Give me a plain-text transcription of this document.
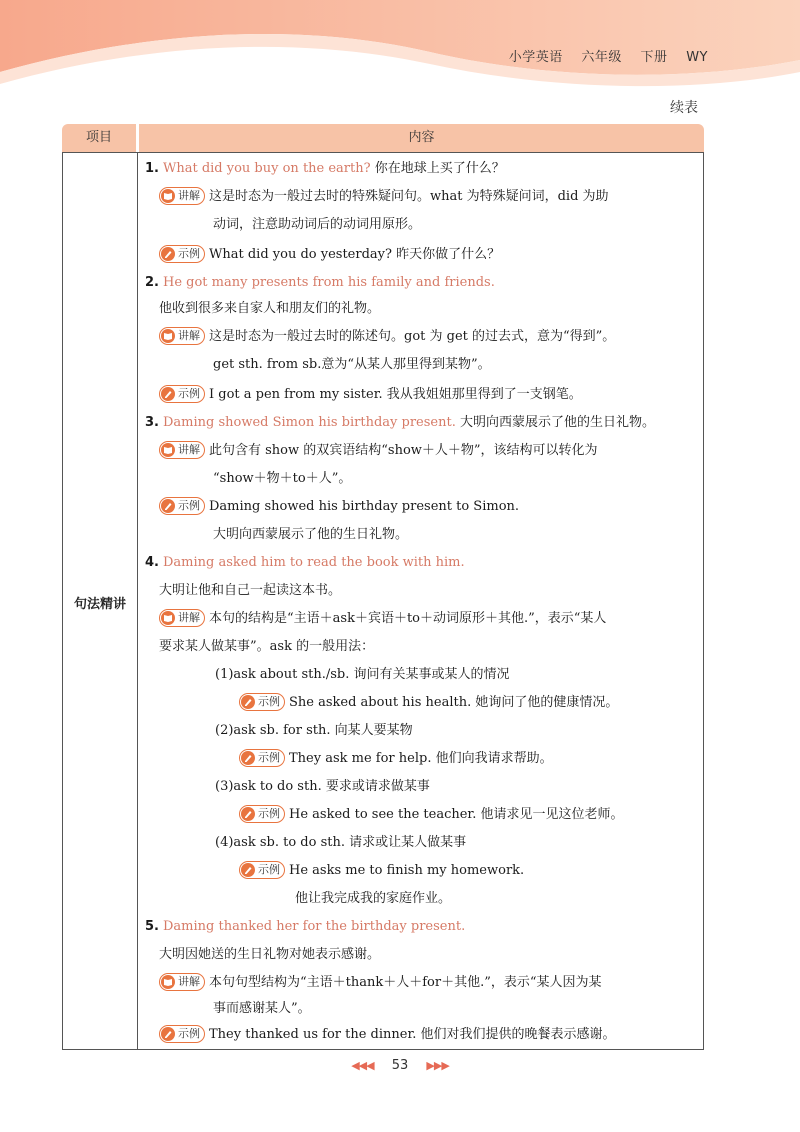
小学英语 六年级 下册 WY
续表
项目	内容
句法精讲
1. What did you buy on the earth? 你在地球上买了什么？
讲解 这是时态为一般过去时的特殊疑问句。what 为特殊疑问词，did 为助
动词，注意助动词后的动词用原形。
示例 What did you do yesterday? 昨天你做了什么？
2. He got many presents from his family and friends.
他收到很多来自家人和朋友们的礼物。
讲解 这是时态为一般过去时的陈述句。got 为 get 的过去式，意为“得到”。
get sth. from sb.意为“从某人那里得到某物”。
示例 I got a pen from my sister. 我从我姐姐那里得到了一支钢笔。
3. Daming showed Simon his birthday present. 大明向西蒙展示了他的生日礼物。
讲解 此句含有 show 的双宾语结构“show＋人＋物”，该结构可以转化为
“show＋物＋to＋人”。
示例 Daming showed his birthday present to Simon.
大明向西蒙展示了他的生日礼物。
4. Daming asked him to read the book with him.
大明让他和自己一起读这本书。
讲解 本句的结构是“主语＋ask＋宾语＋to＋动词原形＋其他.”，表示“某人
要求某人做某事”。ask 的一般用法：
(1)ask about sth./sb. 询问有关某事或某人的情况
示例 She asked about his health. 她询问了他的健康情况。
(2)ask sb. for sth. 向某人要某物
示例 They ask me for help. 他们向我请求帮助。
(3)ask to do sth. 要求或请求做某事
示例 He asked to see the teacher. 他请求见一见这位老师。
(4)ask sb. to do sth. 请求或让某人做某事
示例 He asks me to finish my homework.
他让我完成我的家庭作业。
5. Daming thanked her for the birthday present.
大明因她送的生日礼物对她表示感谢。
讲解 本句句型结构为“主语＋thank＋人＋for＋其他.”，表示“某人因为某
事而感谢某人”。
示例 They thanked us for the dinner. 他们对我们提供的晚餐表示感谢。
◀◀◀ 53 ▶▶▶
